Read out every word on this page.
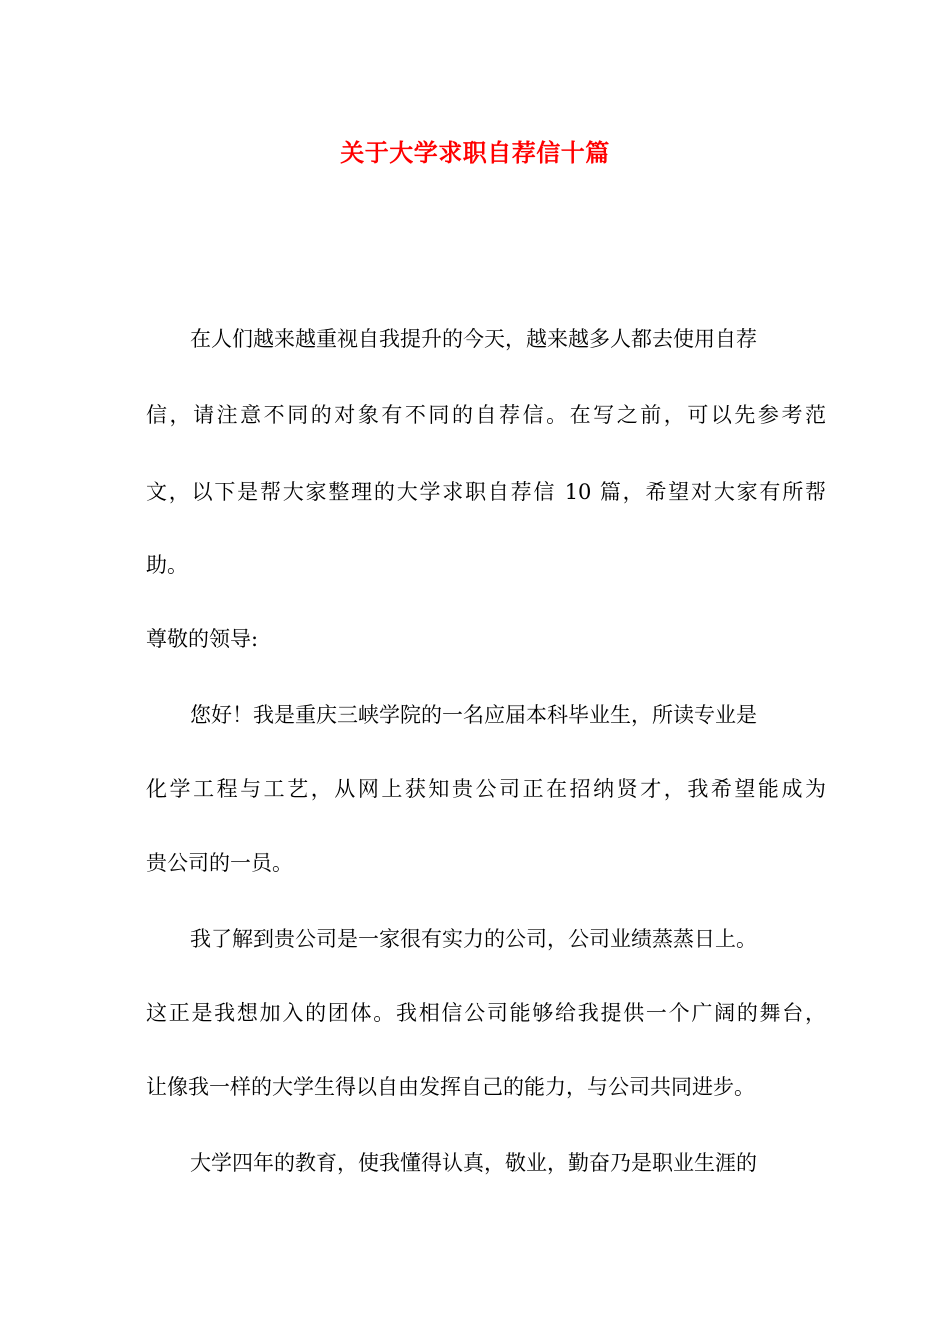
关于大学求职自荐信十篇
在人们越来越重视自我提升的今天，越来越多人都去使用自荐
信，请注意不同的对象有不同的自荐信。在写之前，可以先参考范
文，以下是帮大家整理的大学求职自荐信 10 篇，希望对大家有所帮
助。
尊敬的领导:
您好！我是重庆三峡学院的一名应届本科毕业生，所读专业是
化学工程与工艺，从网上获知贵公司正在招纳贤才，我希望能成为
贵公司的一员。
我了解到贵公司是一家很有实力的公司，公司业绩蒸蒸日上。
这正是我想加入的团体。我相信公司能够给我提供一个广阔的舞台，
让像我一样的大学生得以自由发挥自己的能力，与公司共同进步。
大学四年的教育，使我懂得认真，敬业，勤奋乃是职业生涯的
